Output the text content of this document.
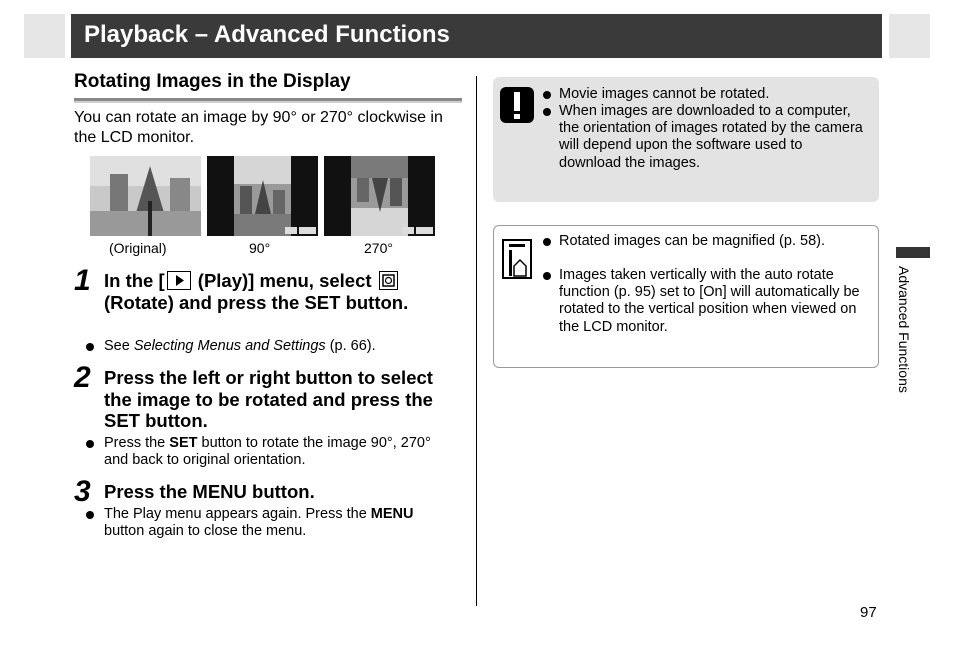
Playback – Advanced Functions
Rotating Images in the Display
You can rotate an image by 90° or 270° clockwise in the LCD monitor.
(Original)	90°	270°
1 In the [
(Play)] menu, select

(Rotate) and press the SET button.
See Selecting Menus and Settings (p. 66).
2 Press the left or right button to select the image to be rotated and press the SET button.
Press the SET button to rotate the image 90°, 270° and back to original orientation.
3 Press the MENU button.
The Play menu appears again. Press the MENU button again to close the menu.
Movie images cannot be rotated.
When images are downloaded to a computer, the orientation of images rotated by the camera will depend upon the software used to download the images.
Rotated images can be magnified (p. 58).
Images taken vertically with the auto rotate function (p. 95) set to [On] will automatically be rotated to the vertical position when viewed on the LCD monitor.	Advanced Functions
97
